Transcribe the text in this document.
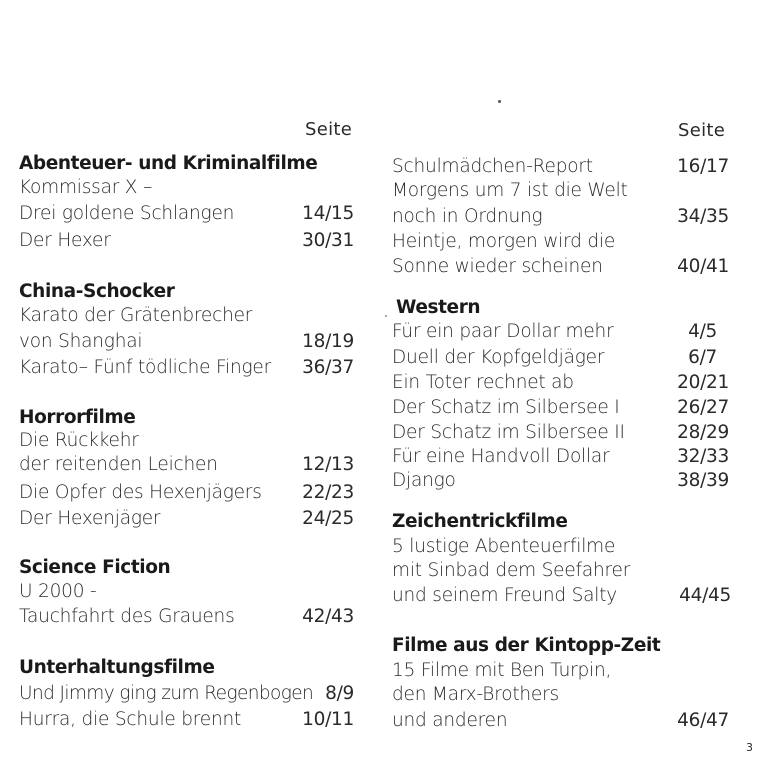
Seite
Abenteuer- und Kriminalfilme
Kommissar X –
Drei goldene Schlangen	14/15
Der Hexer	30/31
China-Schocker
Karato der Grätenbrecher
von Shanghai	18/19
Karato– Fünf tödliche Finger 36/37
Horrorfilme
Die Rückkehr
der reitenden Leichen	12/13
Die Opfer des Hexenjägers 22/23
Der Hexenjäger	24/25
Science Fiction
U 2000 -
Tauchfahrt des Grauens	42/43
Unterhaltungsfilme
Und Jimmy ging zum Regenbogen 8/9
Hurra, die Schule brennt	10/11
Seite
Schulmädchen-Report	16/17
Morgens um 7 ist die Welt
noch in Ordnung	34/35
Heintje, morgen wird die
Sonne wieder scheinen	40/41
Western
Für ein paar Dollar mehr	4/5
Duell der Kopfgeldjäger	6/7
Ein Toter rechnet ab	20/21
Der Schatz im Silbersee I	26/27
Der Schatz im Silbersee II	28/29
Für eine Handvoll Dollar	32/33
Django	38/39
Zeichentrickfilme
5 lustige Abenteuerfilme
mit Sinbad dem Seefahrer
und seinem Freund Salty	44/45
Filme aus der Kintopp-Zeit
15 Filme mit Ben Turpin,
den Marx-Brothers
und anderen	46/47
3
